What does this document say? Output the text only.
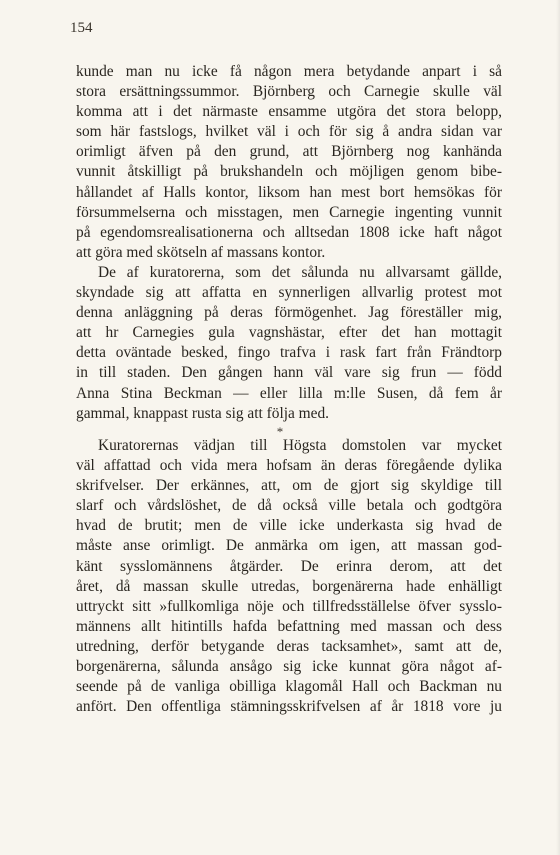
154
kunde man nu icke få någon mera betydande anpart i så
stora ersättningssummor. Björnberg och Carnegie skulle väl
komma att i det närmaste ensamme utgöra det stora belopp,
som här fastslogs, hvilket väl i och för sig å andra sidan var
orimligt äfven på den grund, att Björnberg nog kanhända
vunnit åtskilligt på brukshandeln och möjligen genom bibe-
hållandet af Halls kontor, liksom han mest bort hemsökas för
försummelserna och misstagen, men Carnegie ingenting vunnit
på egendomsrealisationerna och alltsedan 1808 icke haft något
att göra med skötseln af massans kontor.
De af kuratorerna, som det sålunda nu allvarsamt gällde,
skyndade sig att affatta en synnerligen allvarlig protest mot
denna anläggning på deras förmögenhet. Jag föreställer mig,
att hr Carnegies gula vagnshästar, efter det han mottagit
detta oväntade besked, fingo trafva i rask fart från Frändtorp
in till staden. Den gången hann väl vare sig frun — född
Anna Stina Beckman — eller lilla m:lle Susen, då fem år
gammal, knappast rusta sig att följa med.
*
Kuratorernas vädjan till Högsta domstolen var mycket
väl affattad och vida mera hofsam än deras föregående dylika
skrifvelser. Der erkännes, att, om de gjort sig skyldige till
slarf och vårdslöshet, de då också ville betala och godtgöra
hvad de brutit; men de ville icke underkasta sig hvad de
måste anse orimligt. De anmärka om igen, att massan god-
känt sysslomännens åtgärder. De erinra derom, att det
året, då massan skulle utredas, borgenärerna hade enhälligt
uttryckt sitt »fullkomliga nöje och tillfredsställelse öfver sysslo-
männens allt hitintills hafda befattning med massan och dess
utredning, derför betygande deras tacksamhet», samt att de,
borgenärerna, sålunda ansågo sig icke kunnat göra något af-
seende på de vanliga obilliga klagomål Hall och Backman nu
anfört. Den offentliga stämningsskrifvelsen af år 1818 vore ju
